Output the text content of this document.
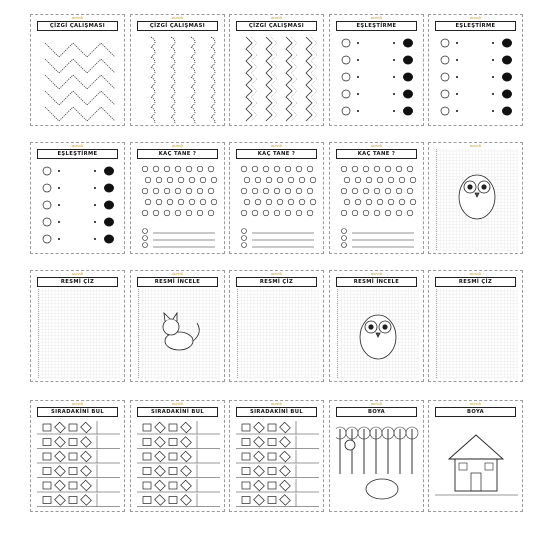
mevdi
ÇİZGİ ÇALIŞMASI
mevdi
ÇİZGİ ÇALIŞMASI
mevdi
ÇİZGİ ÇALIŞMASI
mevdi
EŞLEŞTİRME
mevdi
EŞLEŞTİRME
mevdi
EŞLEŞTİRME
mevdi
KAÇ TANE ?
mevdi
KAÇ TANE ?
mevdi
KAÇ TANE ?
mevdi
mevdi
RESMİ ÇİZ
mevdi
RESMİ İNCELE
mevdi
RESMİ ÇİZ
mevdi
RESMİ İNCELE
mevdi
RESMİ ÇİZ
mevdi
SIRADAKİNİ BUL
mevdi
SIRADAKİNİ BUL
mevdi
SIRADAKİNİ BUL
mevdi
BOYA
mevdi
BOYA
